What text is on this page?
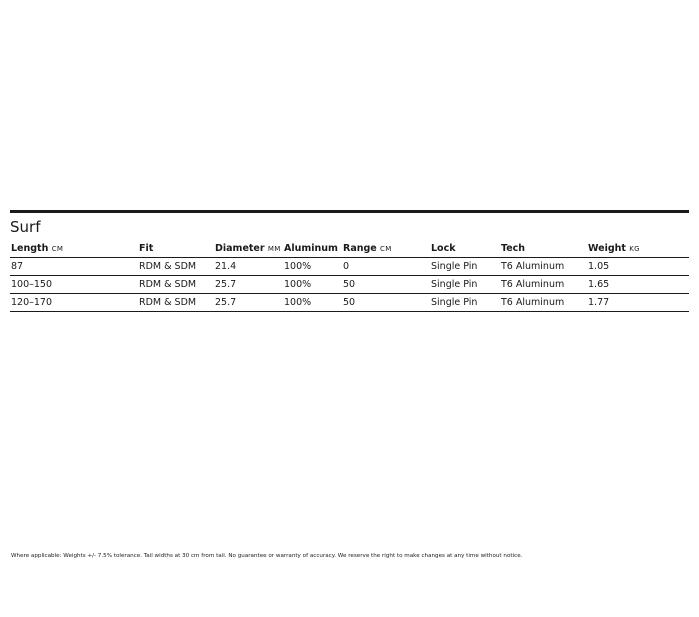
Surf
Length CM	Fit	Diameter MM	Aluminum	Range CM	Lock	Tech	Weight KG
87	RDM & SDM	21.4	100%	0	Single Pin	T6 Aluminum	1.05
100–150	RDM & SDM	25.7	100%	50	Single Pin	T6 Aluminum	1.65
120–170	RDM & SDM	25.7	100%	50	Single Pin	T6 Aluminum	1.77
Where applicable: Weights +/- 7.5% tolerance. Tail widths at 30 cm from tail. No guarantee or warranty of accuracy. We reserve the right to make changes at any time without notice.
